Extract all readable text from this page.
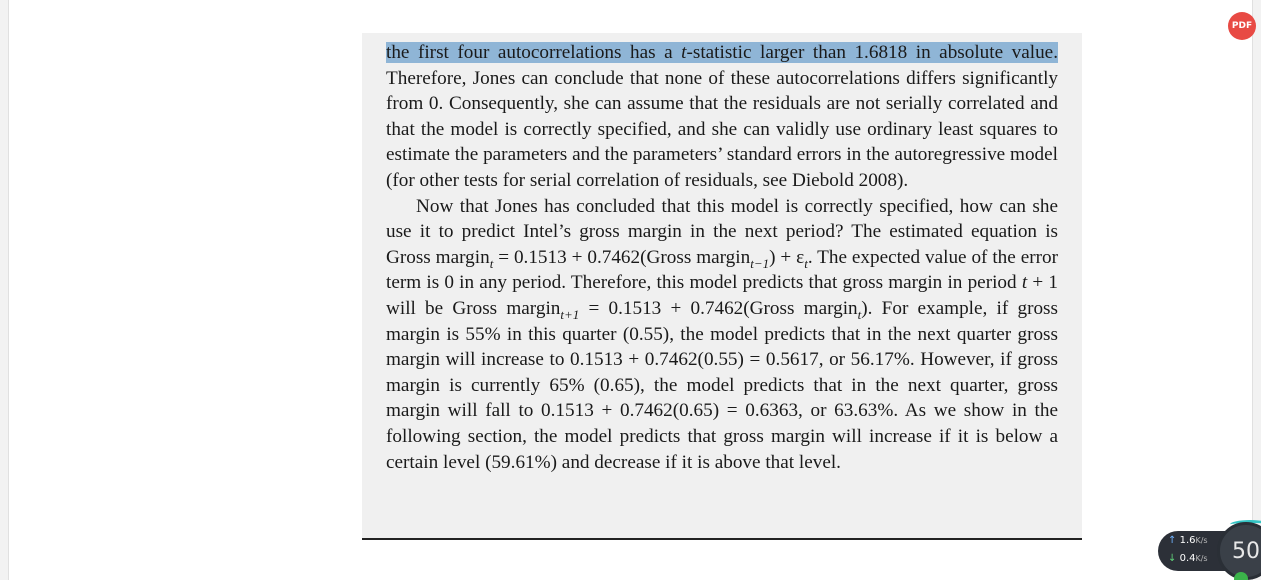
the first four autocorrelations has a t-statistic larger than 1.6818 in absolute value. Therefore, Jones can conclude that none of these autocorrelations differs significantly from 0. Consequently, she can assume that the residuals are not serially correlated and that the model is correctly specified, and she can validly use ordinary least squares to estimate the parameters and the parameters’ standard errors in the autoregressive model (for other tests for serial correlation of residuals, see Diebold 2008).

Now that Jones has concluded that this model is correctly specified, how can she use it to predict Intel’s gross margin in the next period? The estimated equation is Gross margin$_t$ = 0.1513 + 0.7462(Gross margin$_{t-1}$) + $\varepsilon_t$. The expected value of the error term is 0 in any period. Therefore, this model predicts that gross margin in period t + 1 will be Gross margin$_{t+1}$ = 0.1513 + 0.7462(Gross margin$_t$). For example, if gross margin is 55% in this quarter (0.55), the model predicts that in the next quarter gross margin will increase to 0.1513 + 0.7462(0.55) = 0.5617, or 56.17%. However, if gross margin is currently 65% (0.65), the model predicts that in the next quarter, gross margin will fall to 0.1513 + 0.7462(0.65) = 0.6363, or 63.63%. As we show in the following section, the model predicts that gross margin will increase if it is below a certain level (59.61%) and decrease if it is above that level.

PDF
↑ 1.6K/s
↓ 0.4K/s 50
